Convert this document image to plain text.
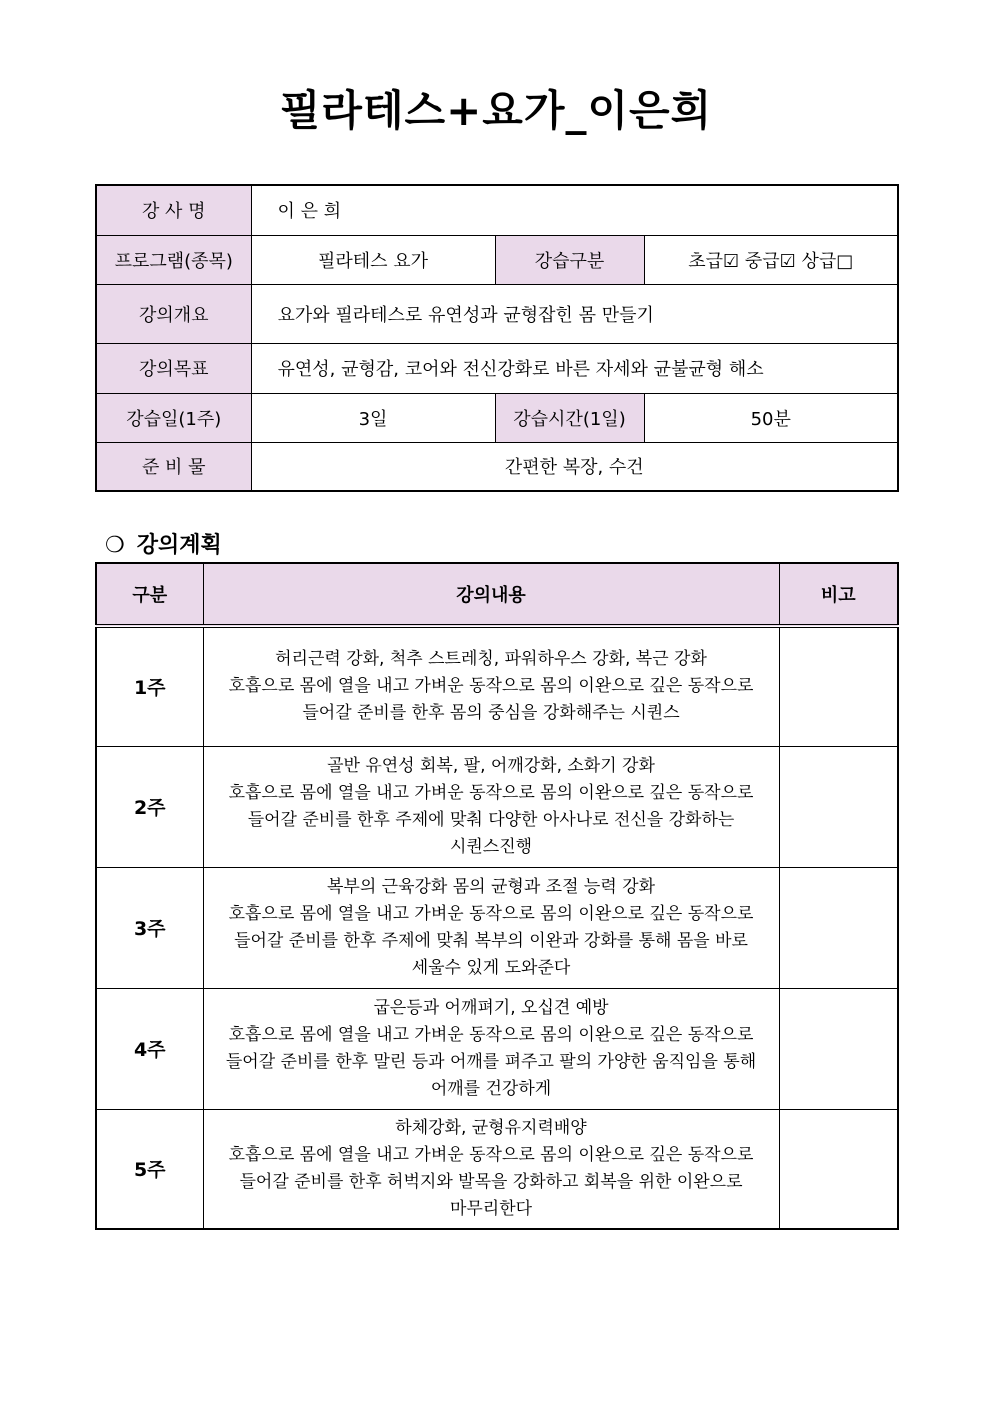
필라테스+요가_이은희
강 사 명	이 은 희		
프로그램(종목)	필라테스 요가	강습구분	초급☑ 중급☑ 상급□
강의개요	요가와 필라테스로 유연성과 균형잡힌 몸 만들기		
강의목표	유연성, 균형감, 코어와 전신강화로 바른 자세와 균불균형 해소		
강습일(1주)	3일	강습시간(1일)	50분
준 비 물	간편한 복장, 수건		
❍ 강의계획
구분	강의내용	비고
1주	허리근력 강화, 척추 스트레칭, 파워하우스 강화, 복근 강화
호흡으로 몸에 열을 내고 가벼운 동작으로 몸의 이완으로 깊은 동작으로
들어갈 준비를 한후 몸의 중심을 강화해주는 시퀀스	

2주	골반 유연성 회복, 팔, 어깨강화, 소화기 강화
호흡으로 몸에 열을 내고 가벼운 동작으로 몸의 이완으로 깊은 동작으로
들어갈 준비를 한후 주제에 맞춰 다양한 아사나로 전신을 강화하는
시퀀스진행	

3주	복부의 근육강화 몸의 균형과 조절 능력 강화
호흡으로 몸에 열을 내고 가벼운 동작으로 몸의 이완으로 깊은 동작으로
들어갈 준비를 한후 주제에 맞춰 복부의 이완과 강화를 통해 몸을 바로
세울수 있게 도와준다	

4주	굽은등과 어깨펴기, 오십견 예방
호흡으로 몸에 열을 내고 가벼운 동작으로 몸의 이완으로 깊은 동작으로
들어갈 준비를 한후 말린 등과 어깨를 펴주고 팔의 가양한 움직임을 통해
어깨를 건강하게	

5주	하체강화, 균형유지력배양
호흡으로 몸에 열을 내고 가벼운 동작으로 몸의 이완으로 깊은 동작으로
들어갈 준비를 한후 허벅지와 발목을 강화하고 회복을 위한 이완으로
마무리한다	
